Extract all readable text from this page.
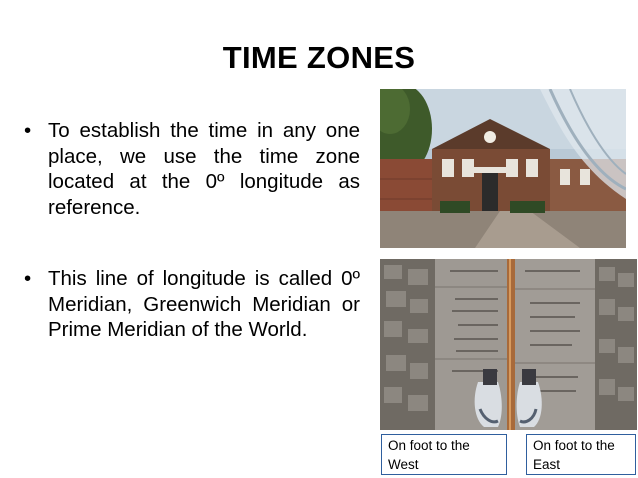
TIME ZONES
• To establish the time in any one place, we use the time zone located at the 0º longitude as reference.
• This line of longitude is called 0º Meridian, Greenwich Meridian or Prime Meridian of the World.
On foot to the West
On foot to the East
